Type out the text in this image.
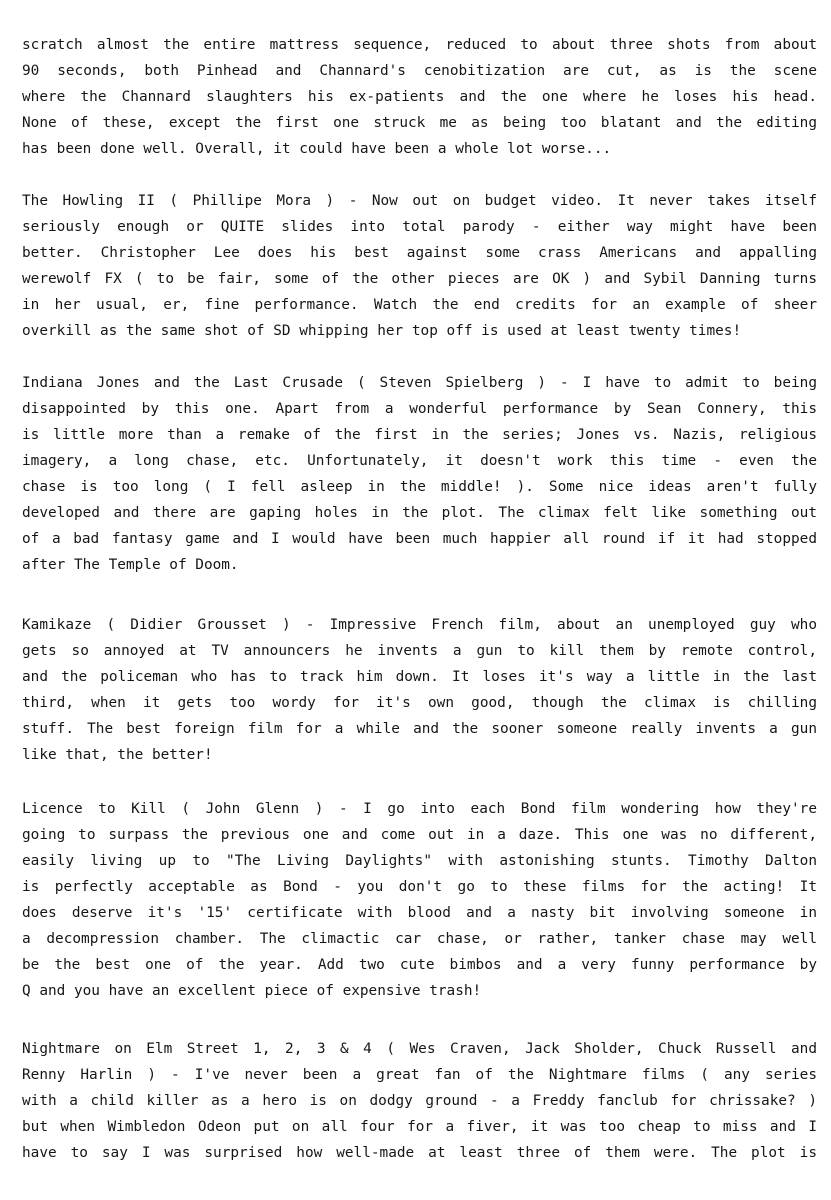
scratch almost the entire mattress sequence, reduced to about three shots from about
90 seconds, both Pinhead and Channard's cenobitization are cut, as is the scene
where the Channard slaughters his ex-patients and the one where he loses his head.
None of these, except the first one struck me as being too blatant and the editing
has been done well. Overall, it could have been a whole lot worse...
The Howling II ( Phillipe Mora ) - Now out on budget video. It never takes itself
seriously enough or QUITE slides into total parody - either way might have been
better. Christopher Lee does his best against some crass Americans and appalling
werewolf FX ( to be fair, some of the other pieces are OK ) and Sybil Danning turns
in her usual, er, fine performance. Watch the end credits for an example of sheer
overkill as the same shot of SD whipping her top off is used at least twenty times!
Indiana Jones and the Last Crusade ( Steven Spielberg ) - I have to admit to being
disappointed by this one. Apart from a wonderful performance by Sean Connery, this
is little more than a remake of the first in the series; Jones vs. Nazis, religious
imagery, a long chase, etc. Unfortunately, it doesn't work this time - even the
chase is too long ( I fell asleep in the middle! ). Some nice ideas aren't fully
developed and there are gaping holes in the plot. The climax felt like something out
of a bad fantasy game and I would have been much happier all round if it had stopped
after The Temple of Doom.
Kamikaze ( Didier Grousset ) - Impressive French film, about an unemployed guy who
gets so annoyed at TV announcers he invents a gun to kill them by remote control,
and the policeman who has to track him down. It loses it's way a little in the last
third, when it gets too wordy for it's own good, though the climax is chilling
stuff. The best foreign film for a while and the sooner someone really invents a gun
like that, the better!
Licence to Kill ( John Glenn ) - I go into each Bond film wondering how they're
going to surpass the previous one and come out in a daze. This one was no different,
easily living up to "The Living Daylights" with astonishing stunts. Timothy Dalton
is perfectly acceptable as Bond - you don't go to these films for the acting! It
does deserve it's '15' certificate with blood and a nasty bit involving someone in
a decompression chamber. The climactic car chase, or rather, tanker chase may well
be the best one of the year. Add two cute bimbos and a very funny performance by
Q and you have an excellent piece of expensive trash!
Nightmare on Elm Street 1, 2, 3 & 4 ( Wes Craven, Jack Sholder, Chuck Russell and
Renny Harlin ) - I've never been a great fan of the Nightmare films ( any series
with a child killer as a hero is on dodgy ground - a Freddy fanclub for chrissake? )
but when Wimbledon Odeon put on all four for a fiver, it was too cheap to miss and I
have to say I was surprised how well-made at least three of them were. The plot is
